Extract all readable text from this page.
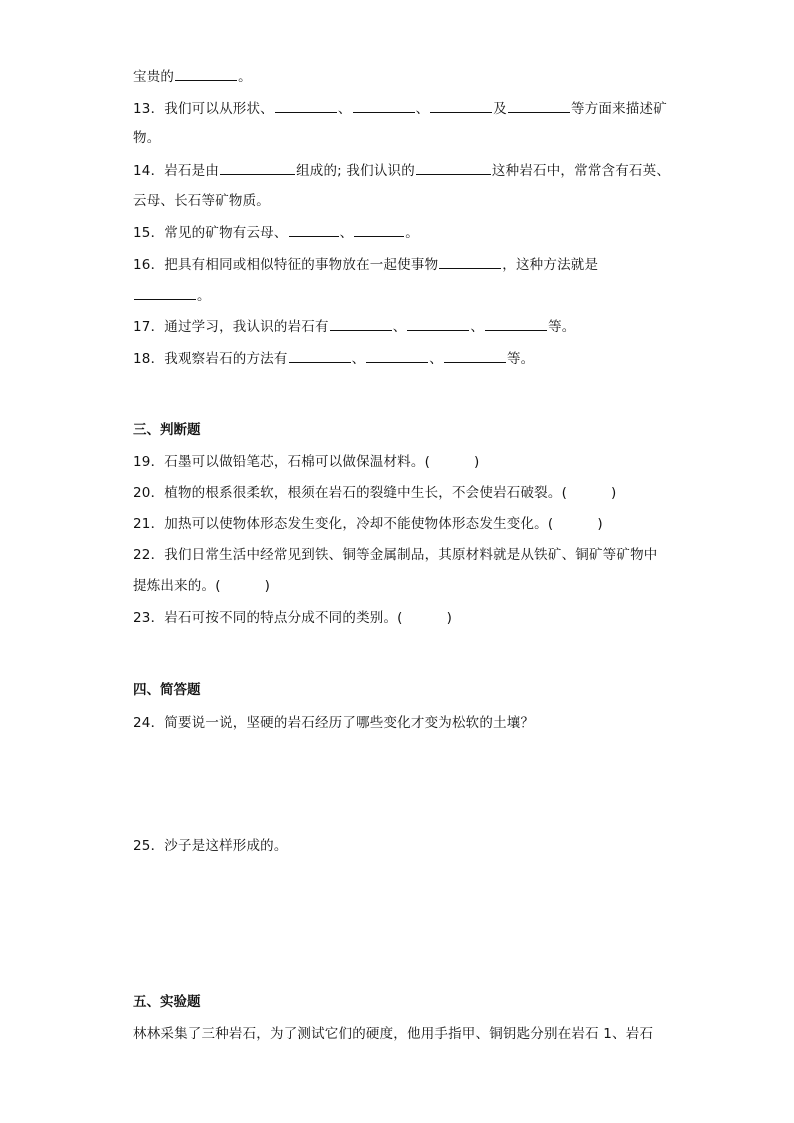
宝贵的	。
13．我们可以从形状、	、	、	及	等方面来描述矿
物。
14．岩石是由	组成的; 我们认识的	这种岩石中，常常含有石英、
云母、长石等矿物质。
15．常见的矿物有云母、	、	。
16．把具有相同或相似特征的事物放在一起使事物	，这种方法就是
。
17．通过学习，我认识的岩石有	、	、	等。
18．我观察岩石的方法有	、	、	等。
三、判断题
19．石墨可以做铅笔芯，石棉可以做保温材料。(	)
20．植物的根系很柔软，根须在岩石的裂缝中生长，不会使岩石破裂。(	)
21．加热可以使物体形态发生变化，冷却不能使物体形态发生变化。(	)
22．我们日常生活中经常见到铁、铜等金属制品，其原材料就是从铁矿、铜矿等矿物中
提炼出来的。(	)
23．岩石可按不同的特点分成不同的类别。(	)
四、简答题
24．简要说一说，坚硬的岩石经历了哪些变化才变为松软的土壤？
25．沙子是这样形成的。
五、实验题
林林采集了三种岩石，为了测试它们的硬度，他用手指甲、铜钥匙分别在岩石 1、岩石
